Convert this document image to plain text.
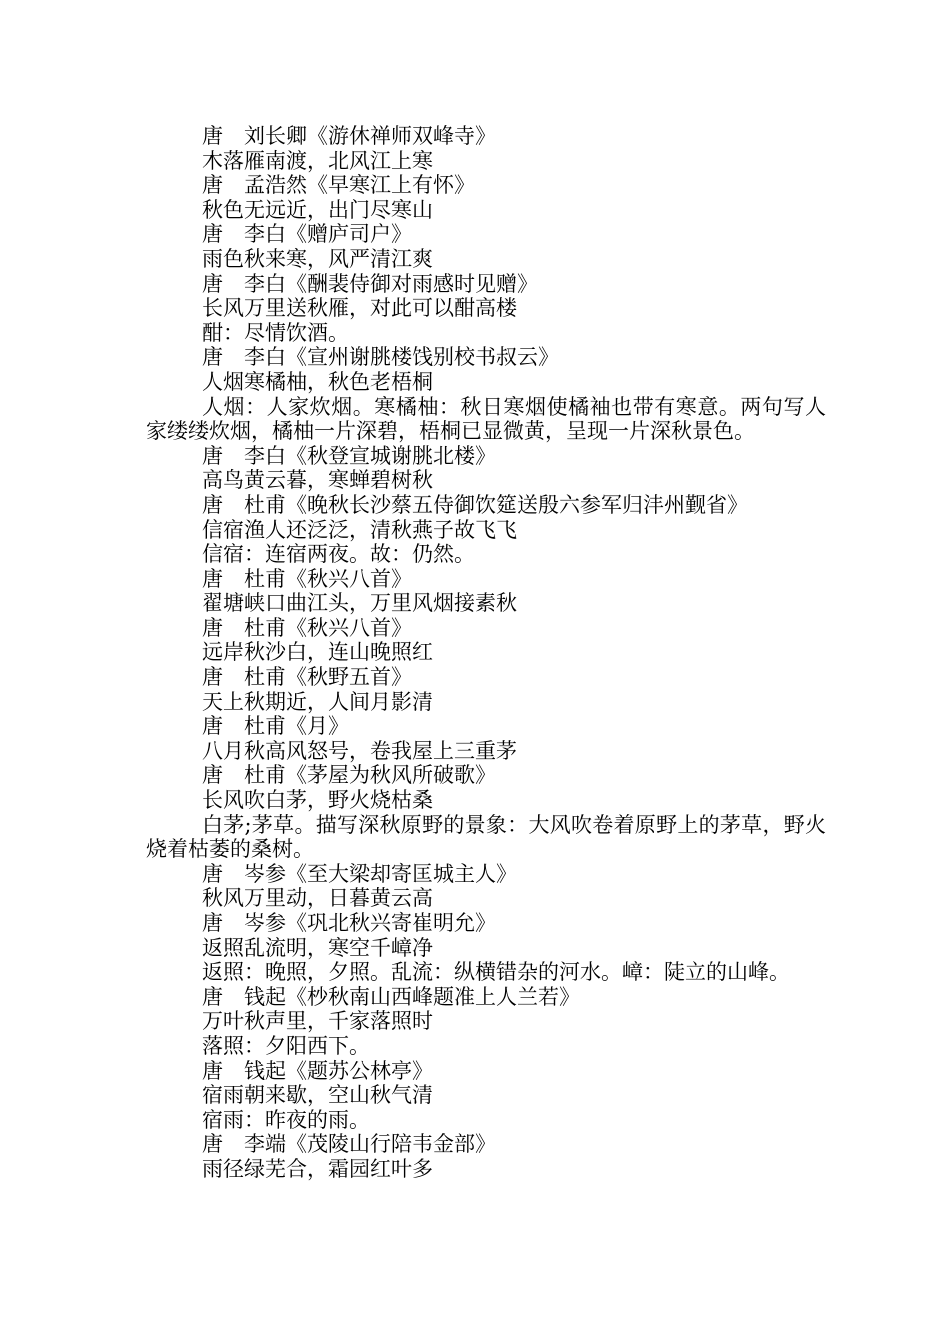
唐　刘长卿《游休禅师双峰寺》
木落雁南渡，北风江上寒
唐　孟浩然《早寒江上有怀》
秋色无远近，出门尽寒山
唐　李白《赠庐司户》
雨色秋来寒，风严清江爽
唐　李白《酬裴侍御对雨感时见赠》
长风万里送秋雁，对此可以酣高楼
酣：尽情饮酒。
唐　李白《宣州谢朓楼饯别校书叔云》
人烟寒橘柚，秋色老梧桐
人烟：人家炊烟。寒橘柚：秋日寒烟使橘袖也带有寒意。两句写人家缕缕炊烟，橘柚一片深碧，梧桐已显微黄，呈现一片深秋景色。
唐　李白《秋登宣城谢朓北楼》
高鸟黄云暮，寒蝉碧树秋
唐　杜甫《晚秋长沙蔡五侍御饮筵送殷六参军归沣州觐省》
信宿渔人还泛泛，清秋燕子故飞飞
信宿：连宿两夜。故：仍然。
唐　杜甫《秋兴八首》
翟塘峡口曲江头，万里风烟接素秋
唐　杜甫《秋兴八首》
远岸秋沙白，连山晚照红
唐　杜甫《秋野五首》
天上秋期近，人间月影清
唐　杜甫《月》
八月秋高风怒号，卷我屋上三重茅
唐　杜甫《茅屋为秋风所破歌》
长风吹白茅，野火烧枯桑
白茅;茅草。描写深秋原野的景象：大风吹卷着原野上的茅草，野火烧着枯萎的桑树。
唐　岑参《至大梁却寄匡城主人》
秋风万里动，日暮黄云高
唐　岑参《巩北秋兴寄崔明允》
返照乱流明，寒空千嶂净
返照：晚照，夕照。乱流：纵横错杂的河水。嶂：陡立的山峰。
唐　钱起《杪秋南山西峰题准上人兰若》
万叶秋声里，千家落照时
落照：夕阳西下。
唐　钱起《题苏公林亭》
宿雨朝来歇，空山秋气清
宿雨：昨夜的雨。
唐　李端《茂陵山行陪韦金部》
雨径绿芜合，霜园红叶多
